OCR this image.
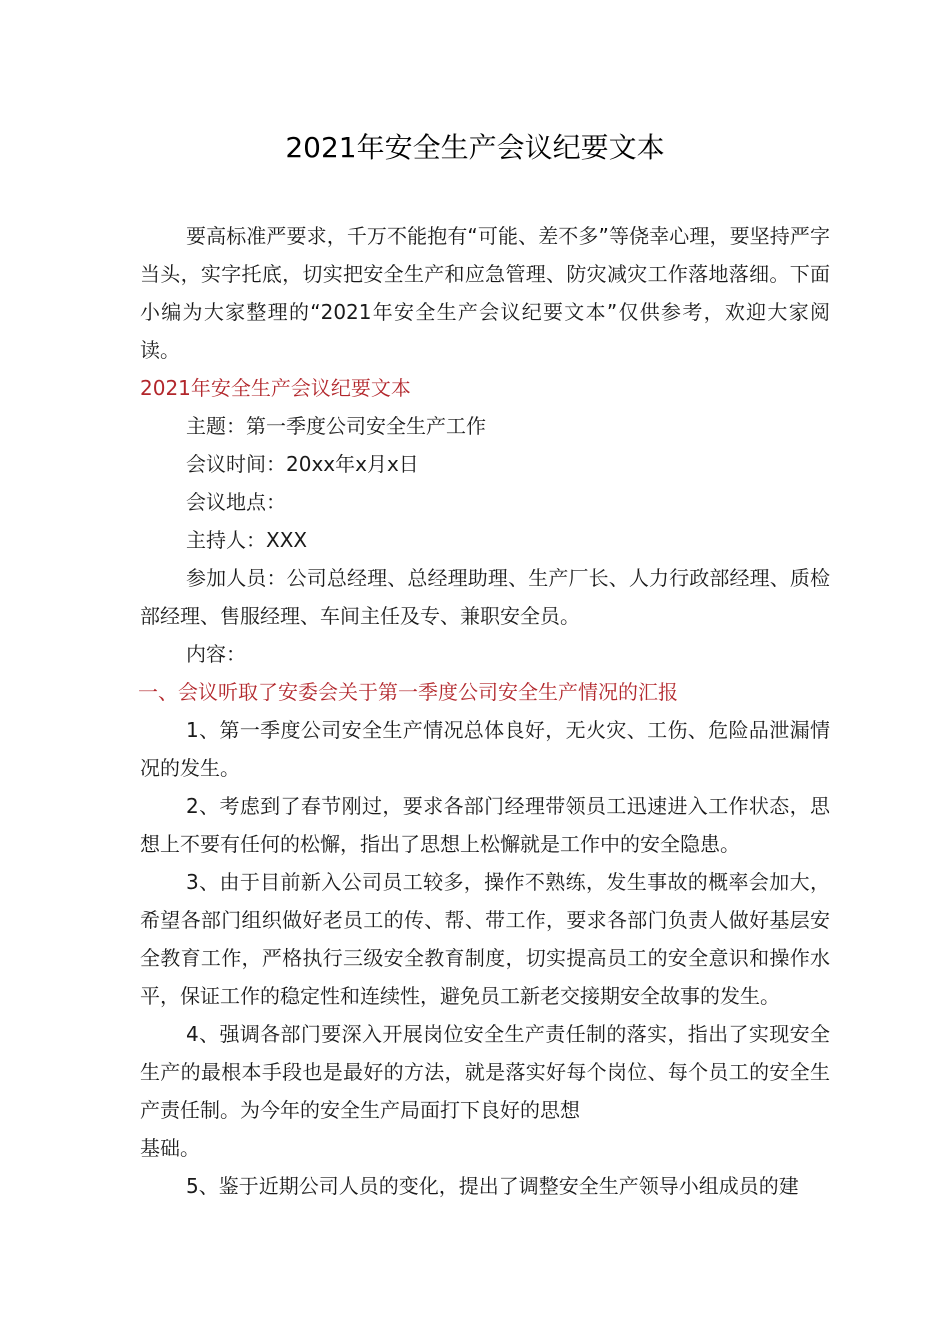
2021年安全生产会议纪要文本

要高标准严要求，千万不能抱有“可能、差不多”等侥幸心理，要坚持严字当头，实字托底，切实把安全生产和应急管理、防灾减灾工作落地落细。下面小编为大家整理的“2021年安全生产会议纪要文本”仅供参考，欢迎大家阅读。

2021年安全生产会议纪要文本

主题：第一季度公司安全生产工作

会议时间：20xx年x月x日

会议地点：

主持人：XXX

参加人员：公司总经理、总经理助理、生产厂长、人力行政部经理、质检部经理、售服经理、车间主任及专、兼职安全员。

内容：

一、会议听取了安委会关于第一季度公司安全生产情况的汇报

1、第一季度公司安全生产情况总体良好，无火灾、工伤、危险品泄漏情况的发生。

2、考虑到了春节刚过，要求各部门经理带领员工迅速进入工作状态，思想上不要有任何的松懈，指出了思想上松懈就是工作中的安全隐患。

3、由于目前新入公司员工较多，操作不熟练，发生事故的概率会加大，希望各部门组织做好老员工的传、帮、带工作，要求各部门负责人做好基层安全教育工作，严格执行三级安全教育制度，切实提高员工的安全意识和操作水平，保证工作的稳定性和连续性，避免员工新老交接期安全故事的发生。

4、强调各部门要深入开展岗位安全生产责任制的落实，指出了实现安全生产的最根本手段也是最好的方法，就是落实好每个岗位、每个员工的安全生产责任制。为今年的安全生产局面打下良好的思想

基础。

5、鉴于近期公司人员的变化，提出了调整安全生产领导小组成员的建
